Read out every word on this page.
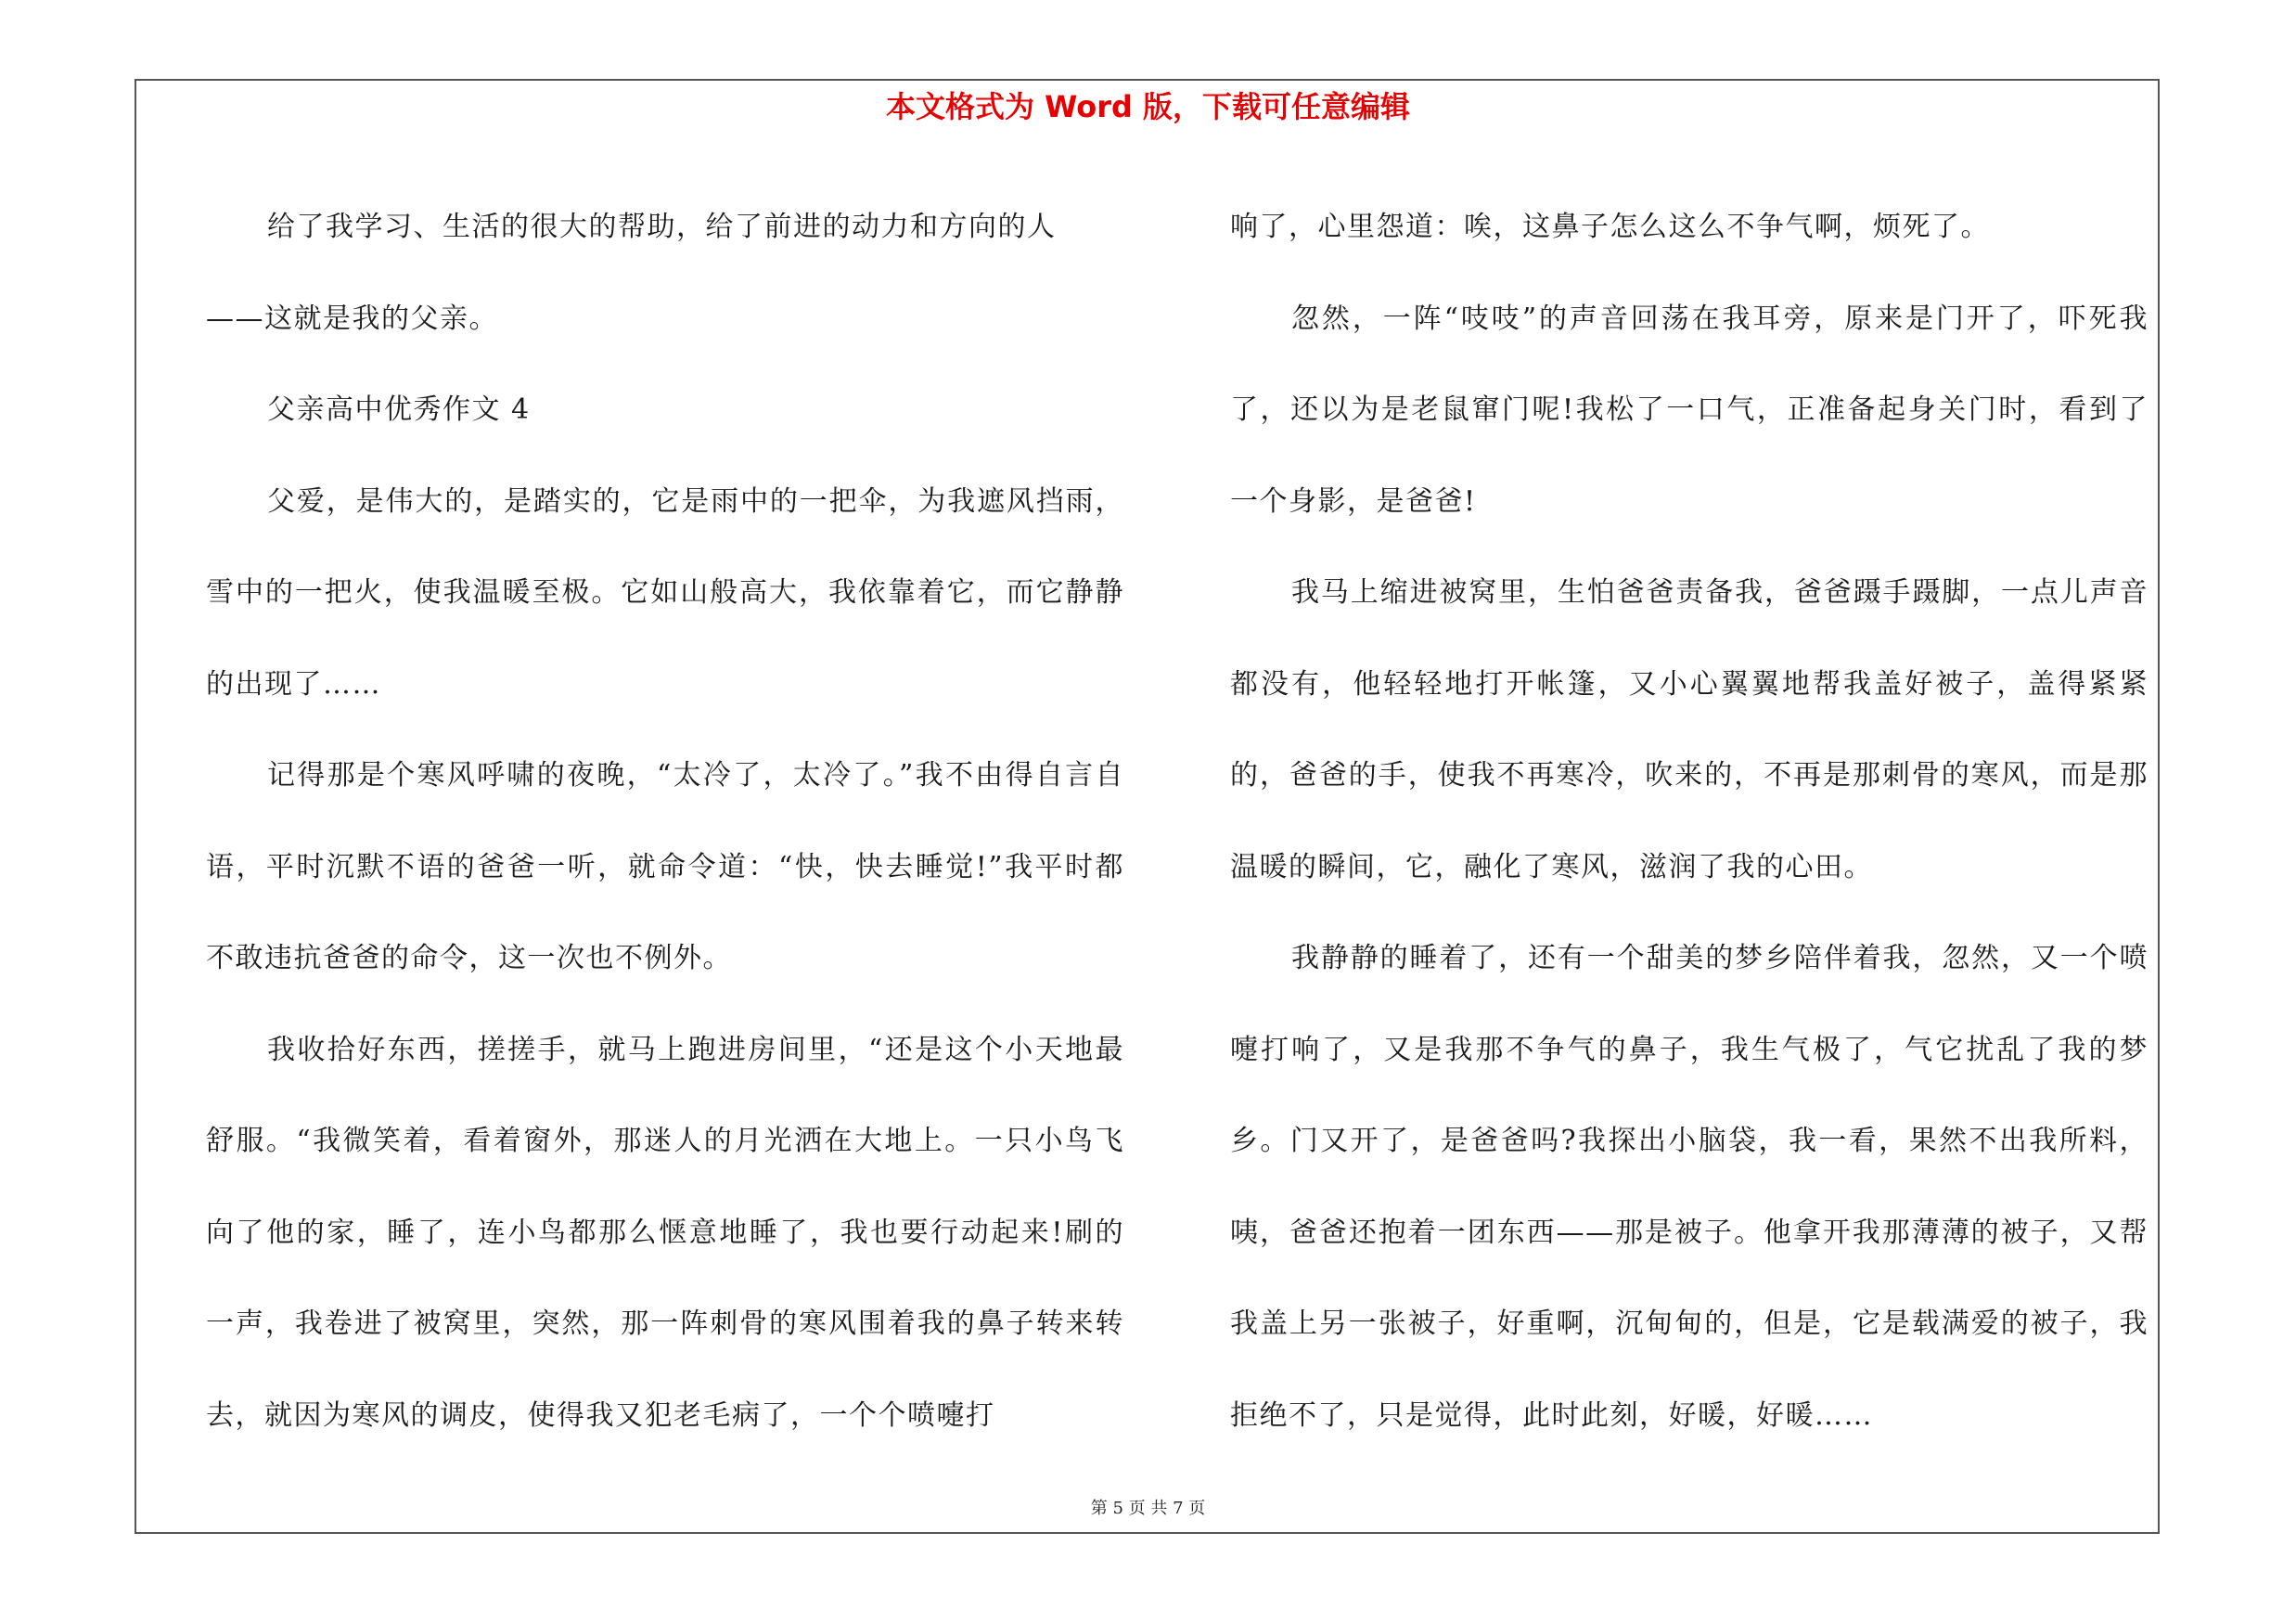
本文格式为 Word 版，下载可任意编辑

给了我学习、生活的很大的帮助，给了前进的动力和方向的人

——这就是我的父亲。

父亲高中优秀作文 4

父爱，是伟大的，是踏实的，它是雨中的一把伞，为我遮风挡雨，雪中的一把火，使我温暖至极。它如山般高大，我依靠着它，而它静静的出现了……

记得那是个寒风呼啸的夜晚，“太冷了，太冷了。”我不由得自言自语，平时沉默不语的爸爸一听，就命令道：“快，快去睡觉!”我平时都不敢违抗爸爸的命令，这一次也不例外。

我收拾好东西，搓搓手，就马上跑进房间里，“还是这个小天地最舒服。“我微笑着，看着窗外，那迷人的月光洒在大地上。一只小鸟飞向了他的家，睡了，连小鸟都那么惬意地睡了，我也要行动起来!刷的一声，我卷进了被窝里，突然，那一阵刺骨的寒风围着我的鼻子转来转去，就因为寒风的调皮，使得我又犯老毛病了，一个个喷嚏打

响了，心里怨道：唉，这鼻子怎么这么不争气啊，烦死了。

忽然，一阵“吱吱”的声音回荡在我耳旁，原来是门开了，吓死我了，还以为是老鼠窜门呢!我松了一口气，正准备起身关门时，看到了一个身影，是爸爸!

我马上缩进被窝里，生怕爸爸责备我，爸爸蹑手蹑脚，一点儿声音都没有，他轻轻地打开帐篷，又小心翼翼地帮我盖好被子，盖得紧紧的，爸爸的手，使我不再寒冷，吹来的，不再是那刺骨的寒风，而是那温暖的瞬间，它，融化了寒风，滋润了我的心田。

我静静的睡着了，还有一个甜美的梦乡陪伴着我，忽然，又一个喷嚏打响了，又是我那不争气的鼻子，我生气极了，气它扰乱了我的梦乡。门又开了，是爸爸吗?我探出小脑袋，我一看，果然不出我所料，咦，爸爸还抱着一团东西——那是被子。他拿开我那薄薄的被子，又帮我盖上另一张被子，好重啊，沉甸甸的，但是，它是载满爱的被子，我拒绝不了，只是觉得，此时此刻，好暖，好暖……

第 5 页 共 7 页
